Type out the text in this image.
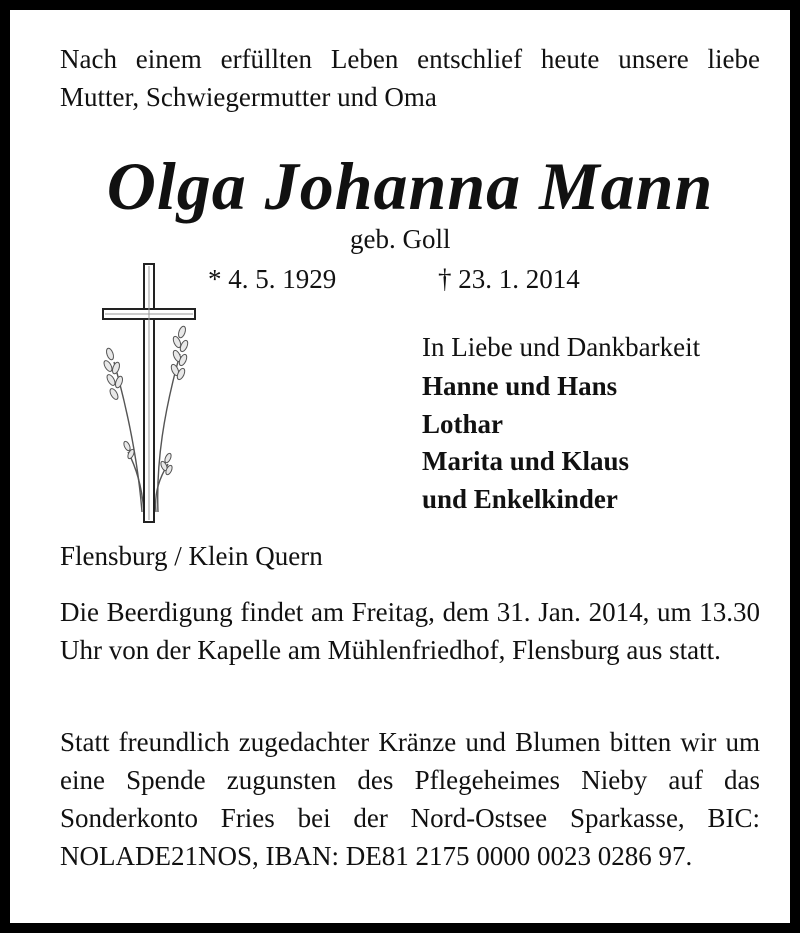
Nach einem erfüllten Leben entschlief heute unsere liebe Mutter, Schwiegermutter und Oma
Olga Johanna Mann
geb. Goll
* 4. 5. 1929	† 23. 1. 2014
In Liebe und Dankbarkeit
Hanne und Hans
Lothar
Marita und Klaus
und Enkelkinder
Flensburg / Klein Quern
Die Beerdigung findet am Freitag, dem 31. Jan. 2014, um 13.30 Uhr von der Kapelle am Mühlenfriedhof, Flensburg aus statt.
Statt freundlich zugedachter Kränze und Blumen bitten wir um eine Spende zugunsten des Pflegeheimes Nieby auf das Sonderkonto Fries bei der Nord-Ostsee Sparkasse, BIC: NOLADE21NOS, IBAN: DE81 2175 0000 0023 0286 97.
